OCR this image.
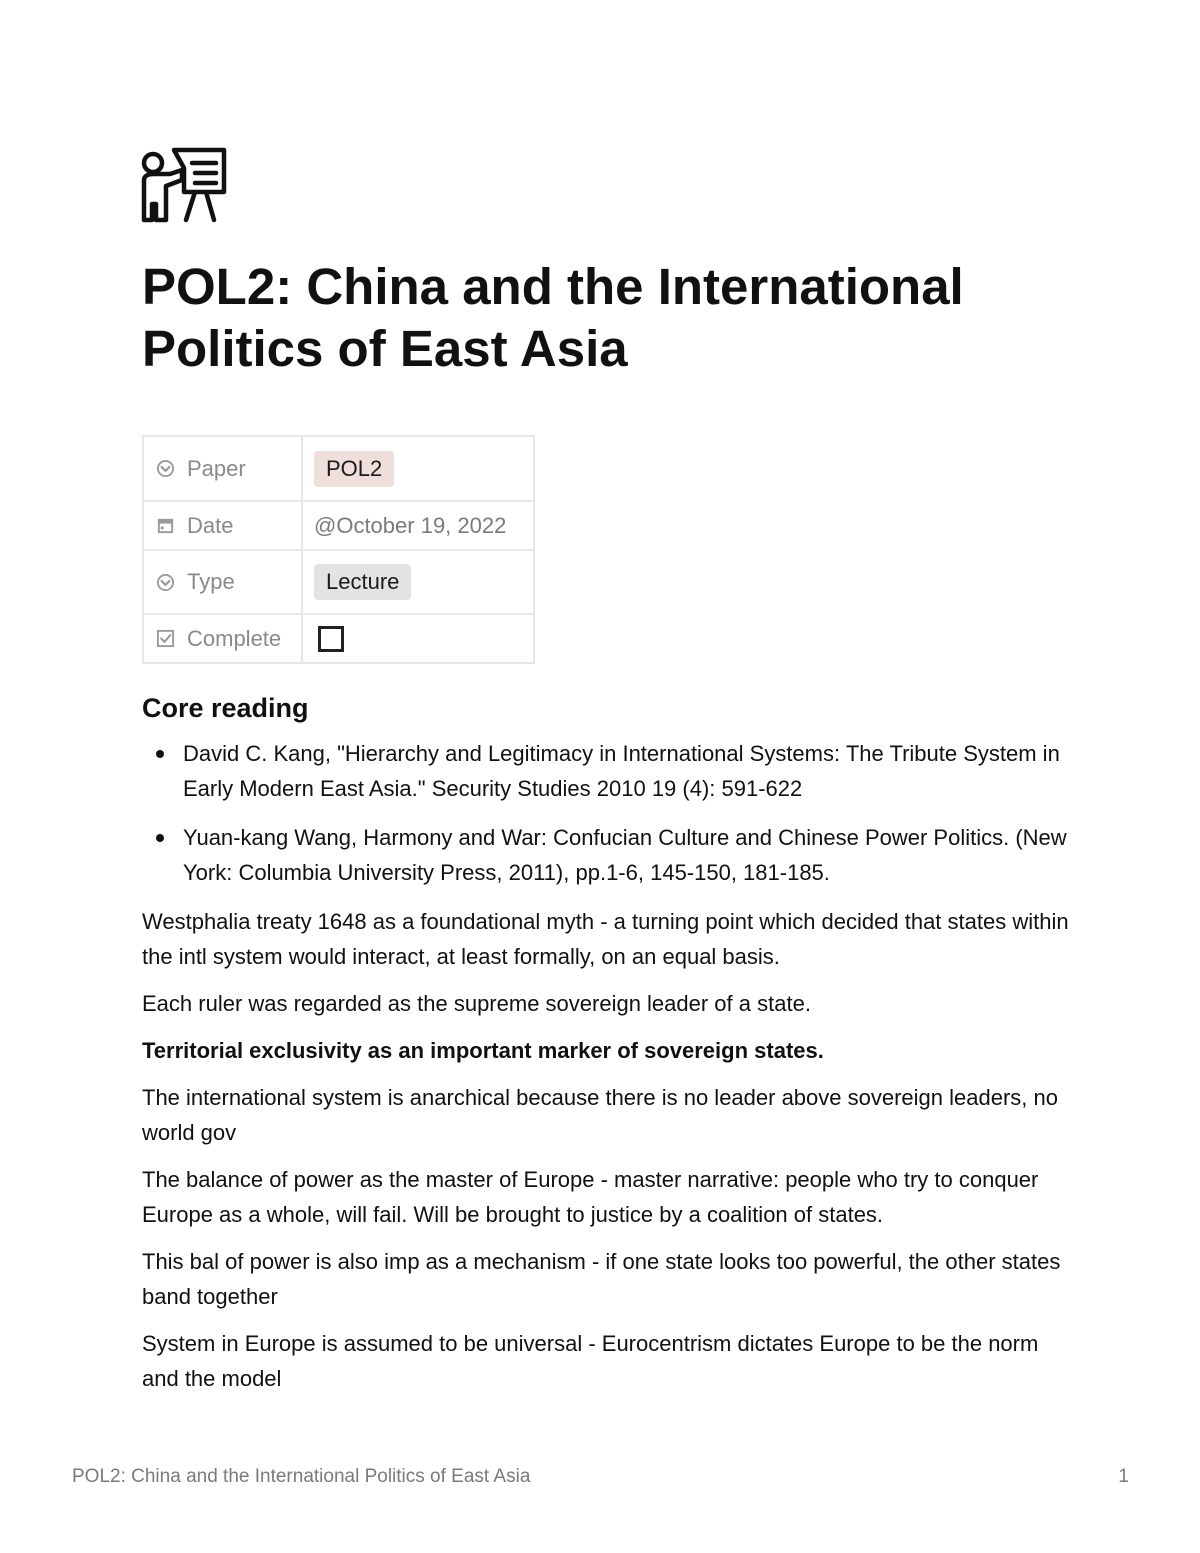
POL2: China and the International Politics of East Asia
Paper	POL2

Date	@October 19, 2022

Type	Lecture

Complete	

Core reading
David C. Kang, "Hierarchy and Legitimacy in International Systems: The Tribute System in Early Modern East Asia." Security Studies 2010 19 (4): 591-622
Yuan-kang Wang, Harmony and War: Confucian Culture and Chinese Power Politics. (New York: Columbia University Press, 2011), pp.1-6, 145-150, 181-185.

Westphalia treaty 1648 as a foundational myth - a turning point which decided that states within the intl system would interact, at least formally, on an equal basis.

Each ruler was regarded as the supreme sovereign leader of a state.

Territorial exclusivity as an important marker of sovereign states.

The international system is anarchical because there is no leader above sovereign leaders, no world gov

The balance of power as the master of Europe - master narrative: people who try to conquer Europe as a whole, will fail. Will be brought to justice by a coalition of states.

This bal of power is also imp as a mechanism - if one state looks too powerful, the other states band together

System in Europe is assumed to be universal - Eurocentrism dictates Europe to be the norm and the model

POL2: China and the International Politics of East Asia	1
